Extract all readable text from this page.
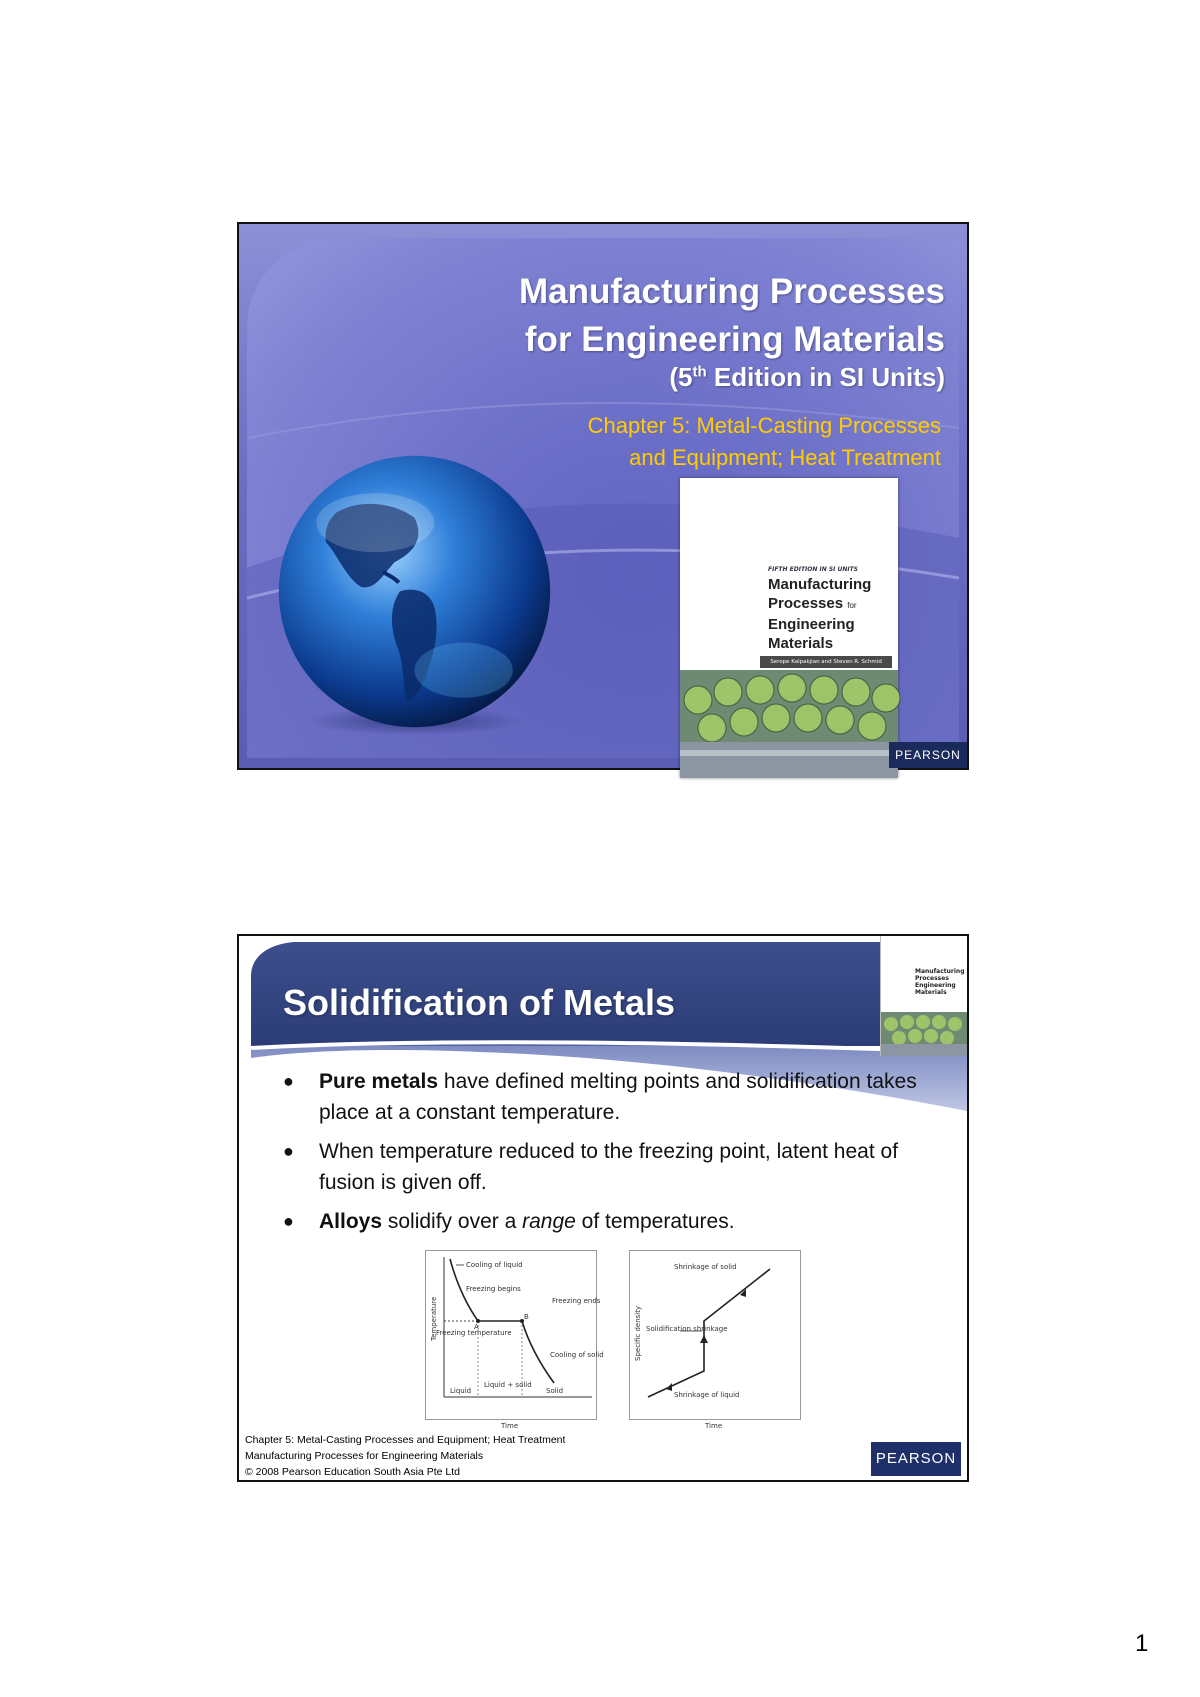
Manufacturing Processes
for Engineering Materials
(5th Edition in SI Units)
Chapter 5: Metal-Casting Processes
and Equipment; Heat Treatment
FIFTH EDITION IN SI UNITS
Manufacturing
Processes for
Engineering
Materials
Serope Kalpakjian and Steven R. Schmid
PEARSON
Solidification of Metals
Manufacturing
Processes
Engineering
Materials
● Pure metals have defined melting points and solidification takes place at a constant temperature.
● When temperature reduced to the freezing point, latent heat of fusion is given off.
● Alloys solidify over a range of temperatures.
Cooling of liquid
Freezing begins
Freezing ends
Freezing temperature
Cooling of solid
A
B
Liquid
Liquid + solid
Solid
Temperature
Time
Shrinkage of solid
Solidification shrinkage
Shrinkage of liquid
Specific density
Time
Chapter 5: Metal-Casting Processes and Equipment; Heat Treatment
Manufacturing Processes for Engineering Materials
© 2008 Pearson Education South Asia Pte Ltd
PEARSON
1
